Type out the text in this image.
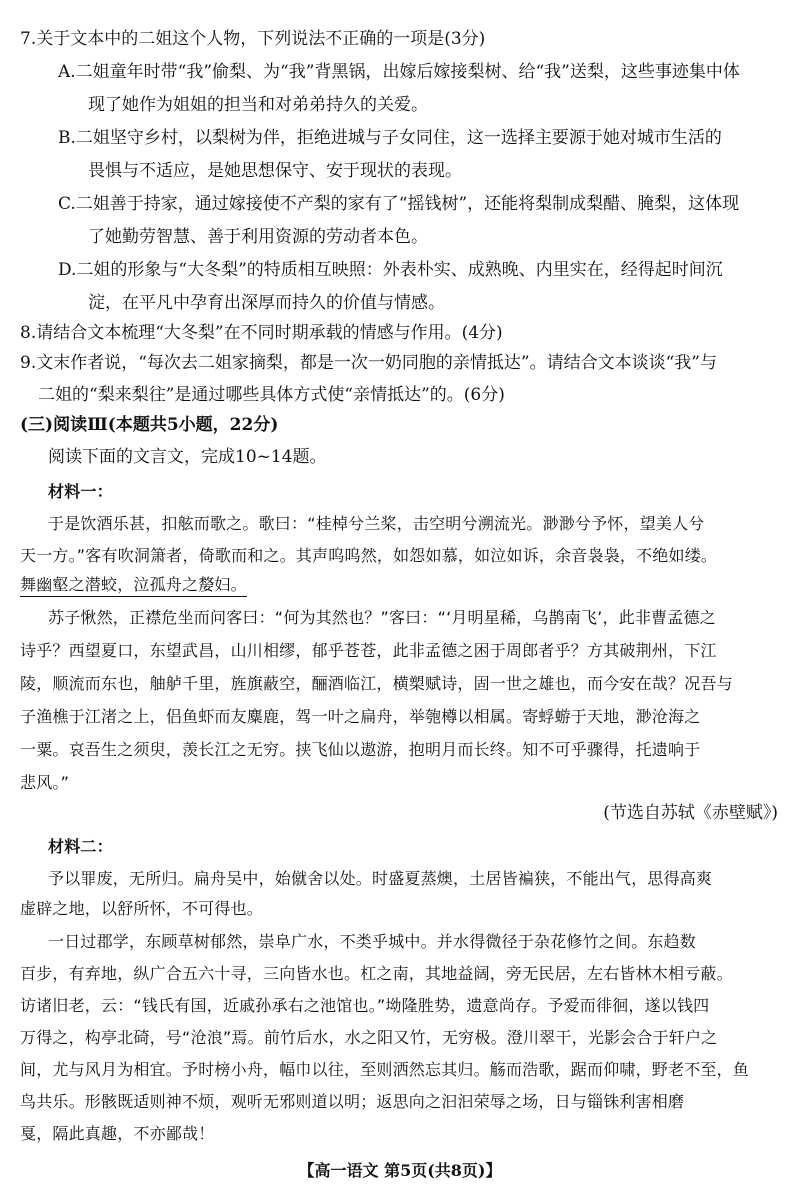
7.关于文本中的二姐这个人物，下列说法不正确的一项是(3分)
A.二姐童年时带“我”偷梨、为“我”背黑锅，出嫁后嫁接梨树、给“我”送梨，这些事迹集中体
现了她作为姐姐的担当和对弟弟持久的关爱。
B.二姐坚守乡村，以梨树为伴，拒绝进城与子女同住，这一选择主要源于她对城市生活的
畏惧与不适应，是她思想保守、安于现状的表现。
C.二姐善于持家，通过嫁接使不产梨的家有了“摇钱树”，还能将梨制成梨醋、腌梨，这体现
了她勤劳智慧、善于利用资源的劳动者本色。
D.二姐的形象与“大冬梨”的特质相互映照：外表朴实、成熟晚、内里实在，经得起时间沉
淀，在平凡中孕育出深厚而持久的价值与情感。
8.请结合文本梳理“大冬梨”在不同时期承载的情感与作用。(4分)
9.文末作者说，“每次去二姐家摘梨，都是一次一奶同胞的亲情抵达”。请结合文本谈谈“我”与
二姐的“梨来梨往”是通过哪些具体方式使“亲情抵达”的。(6分)
(三)阅读Ⅲ(本题共5小题，22分)
阅读下面的文言文，完成10~14题。
材料一：
于是饮酒乐甚，扣舷而歌之。歌曰：“桂棹兮兰桨，击空明兮溯流光。渺渺兮予怀，望美人兮
天一方。”客有吹洞箫者，倚歌而和之。其声呜呜然，如怨如慕，如泣如诉，余音袅袅，不绝如缕。
舞幽壑之潜蛟，泣孤舟之嫠妇。
苏子愀然，正襟危坐而问客曰：“何为其然也？”客曰：“‘月明星稀，乌鹊南飞’，此非曹孟德之
诗乎？西望夏口，东望武昌，山川相缪，郁乎苍苍，此非孟德之困于周郎者乎？方其破荆州，下江
陵，顺流而东也，舳舻千里，旌旗蔽空，酾酒临江，横槊赋诗，固一世之雄也，而今安在哉？况吾与
子渔樵于江渚之上，侣鱼虾而友麋鹿，驾一叶之扁舟，举匏樽以相属。寄蜉蝣于天地，渺沧海之
一粟。哀吾生之须臾，羡长江之无穷。挟飞仙以遨游，抱明月而长终。知不可乎骤得，托遗响于
悲风。”
(节选自苏轼《赤壁赋》)
材料二：
予以罪废，无所归。扁舟吴中，始僦舍以处。时盛夏蒸燠，土居皆褊狭，不能出气，思得高爽
虚辟之地，以舒所怀，不可得也。
一日过郡学，东顾草树郁然，崇阜广水，不类乎城中。并水得微径于杂花修竹之间。东趋数
百步，有弃地，纵广合五六十寻，三向皆水也。杠之南，其地益阔，旁无民居，左右皆林木相亏蔽。
访诸旧老，云：“钱氏有国，近戚孙承右之池馆也。”坳隆胜势，遗意尚存。予爱而徘徊，遂以钱四
万得之，构亭北碕，号“沧浪”焉。前竹后水，水之阳又竹，无穷极。澄川翠干，光影会合于轩户之
间，尤与风月为相宜。予时榜小舟，幅巾以往，至则洒然忘其归。觞而浩歌，踞而仰啸，野老不至，鱼
鸟共乐。形骸既适则神不烦，观听无邪则道以明；返思向之汩汩荣辱之场，日与锱铢利害相磨
戛，隔此真趣，不亦鄙哉！
【高一语文 第5页(共8页)】
